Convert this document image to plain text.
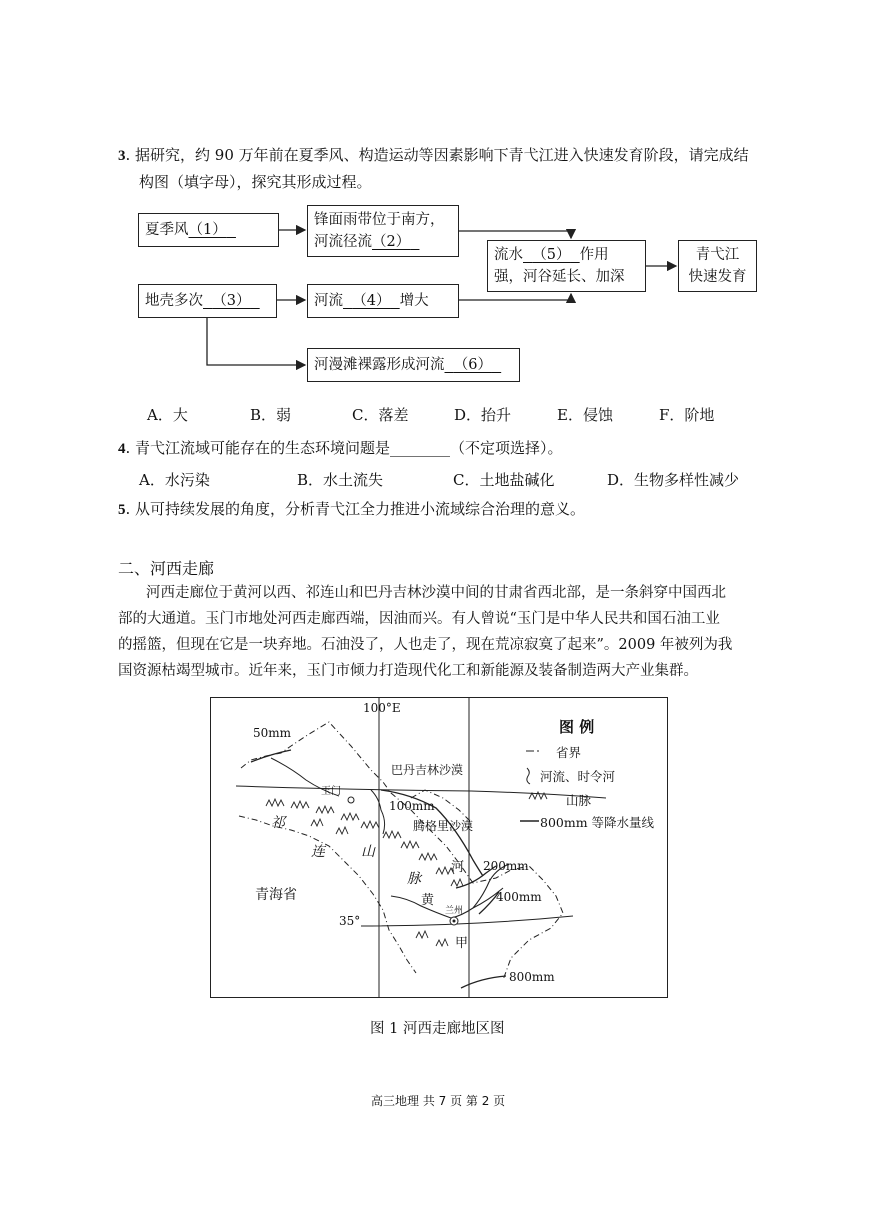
3. 据研究，约 90 万年前在夏季风、构造运动等因素影响下青弋江进入快速发育阶段，请完成结
构图（填字母），探究其形成过程。
夏季风（1）
锋面雨带位于南方，
河流径流（2）
流水 （5） 作用
强，河谷延长、加深
青弋江
快速发育
地壳多次 （3）	河流 （4） 增大
河漫滩裸露形成河流 （6）
A．大	B．弱	C．落差	D．抬升	E．侵蚀	F．阶地
4. 青弋江流域可能存在的生态环境问题是________（不定项选择）。
A．水污染	B．水土流失	C．土地盐碱化	D．生物多样性减少
5. 从可持续发展的角度，分析青弋江全力推进小流域综合治理的意义。
二、河西走廊
河西走廊位于黄河以西、祁连山和巴丹吉林沙漠中间的甘肃省西北部，是一条斜穿中国西北
部的大通道。玉门市地处河西走廊西端，因油而兴。有人曾说“玉门是中华人民共和国石油工业
的摇篮，但现在它是一块弃地。石油没了，人也走了，现在荒凉寂寞了起来”。2009 年被列为我
国资源枯竭型城市。近年来，玉门市倾力打造现代化工和新能源及装备制造两大产业集群。
100°E
50mm
巴丹吉林沙漠
玉门
100mm
腾格里沙漠
祁
连	山
脉
河 200mm
黄	400mm
兰州
青海省
35°
甲
800mm
图 例
省界
河流、时令河
山脉
800mm 等降水量线
图 1 河西走廊地区图
高三地理 共 7 页 第 2 页
